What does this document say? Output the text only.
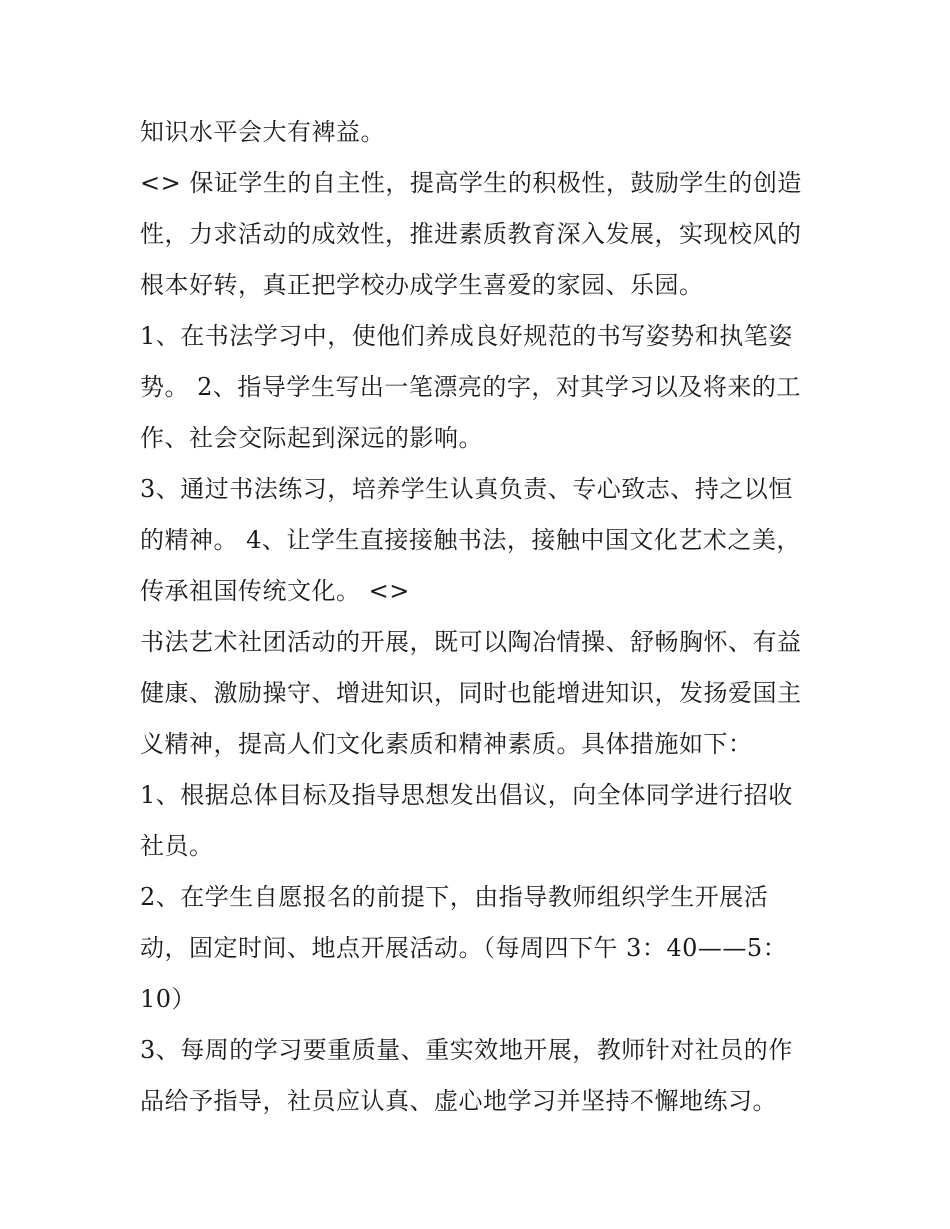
知识水平会大有裨益。
<> 保证学生的自主性，提高学生的积极性，鼓励学生的创造
性，力求活动的成效性，推进素质教育深入发展，实现校风的
根本好转，真正把学校办成学生喜爱的家园、乐园。
1、在书法学习中，使他们养成良好规范的书写姿势和执笔姿
势。 2、指导学生写出一笔漂亮的字，对其学习以及将来的工
作、社会交际起到深远的影响。
3、通过书法练习，培养学生认真负责、专心致志、持之以恒
的精神。 4、让学生直接接触书法，接触中国文化艺术之美，
传承祖国传统文化。 <>
书法艺术社团活动的开展，既可以陶冶情操、舒畅胸怀、有益
健康、激励操守、增进知识，同时也能增进知识，发扬爱国主
义精神，提高人们文化素质和精神素质。具体措施如下：
1、根据总体目标及指导思想发出倡议，向全体同学进行招收
社员。
2、在学生自愿报名的前提下，由指导教师组织学生开展活
动，固定时间、地点开展活动。（每周四下午 3：40——5：
10）
3、每周的学习要重质量、重实效地开展，教师针对社员的作
品给予指导，社员应认真、虚心地学习并坚持不懈地练习。
